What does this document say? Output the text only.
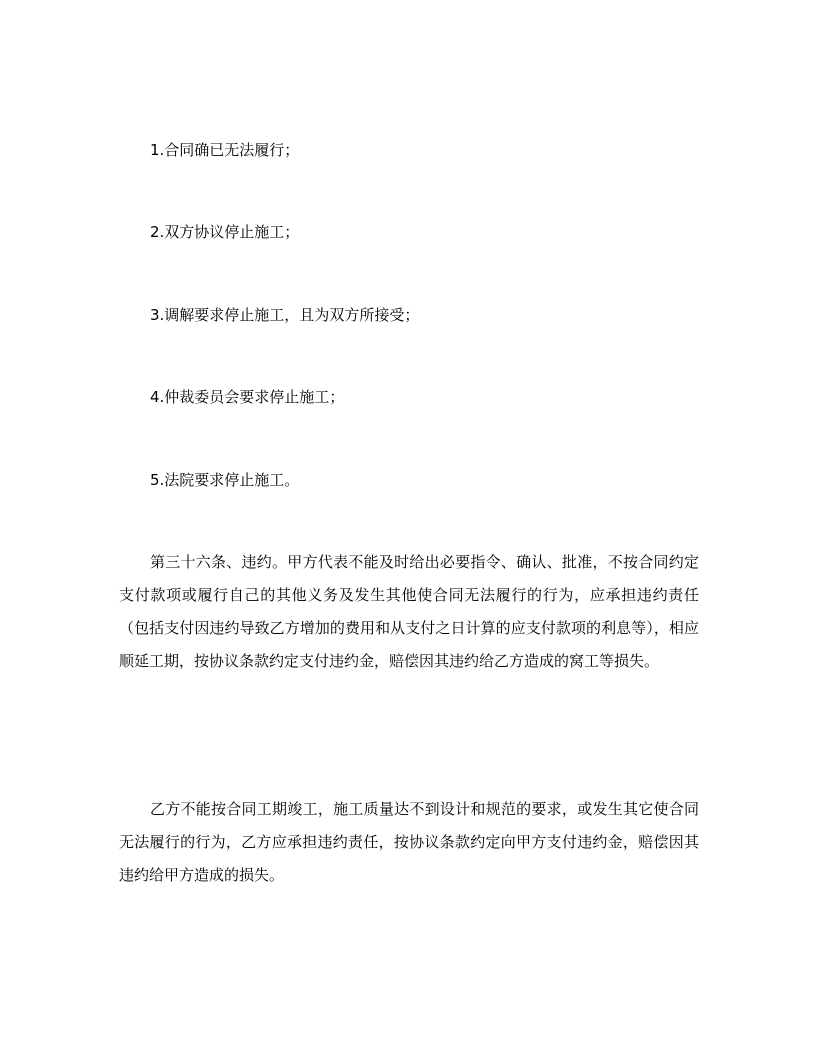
1.合同确已无法履行；
2.双方协议停止施工；
3.调解要求停止施工，且为双方所接受；
4.仲裁委员会要求停止施工；
5.法院要求停止施工。

第三十六条、违约。甲方代表不能及时给出必要指令、确认、批准，不按合同约定支付款项或履行自己的其他义务及发生其他使合同无法履行的行为，应承担违约责任（包括支付因违约导致乙方增加的费用和从支付之日计算的应支付款项的利息等），相应顺延工期，按协议条款约定支付违约金，赔偿因其违约给乙方造成的窝工等损失。

乙方不能按合同工期竣工，施工质量达不到设计和规范的要求，或发生其它使合同无法履行的行为，乙方应承担违约责任，按协议条款约定向甲方支付违约金，赔偿因其违约给甲方造成的损失。
